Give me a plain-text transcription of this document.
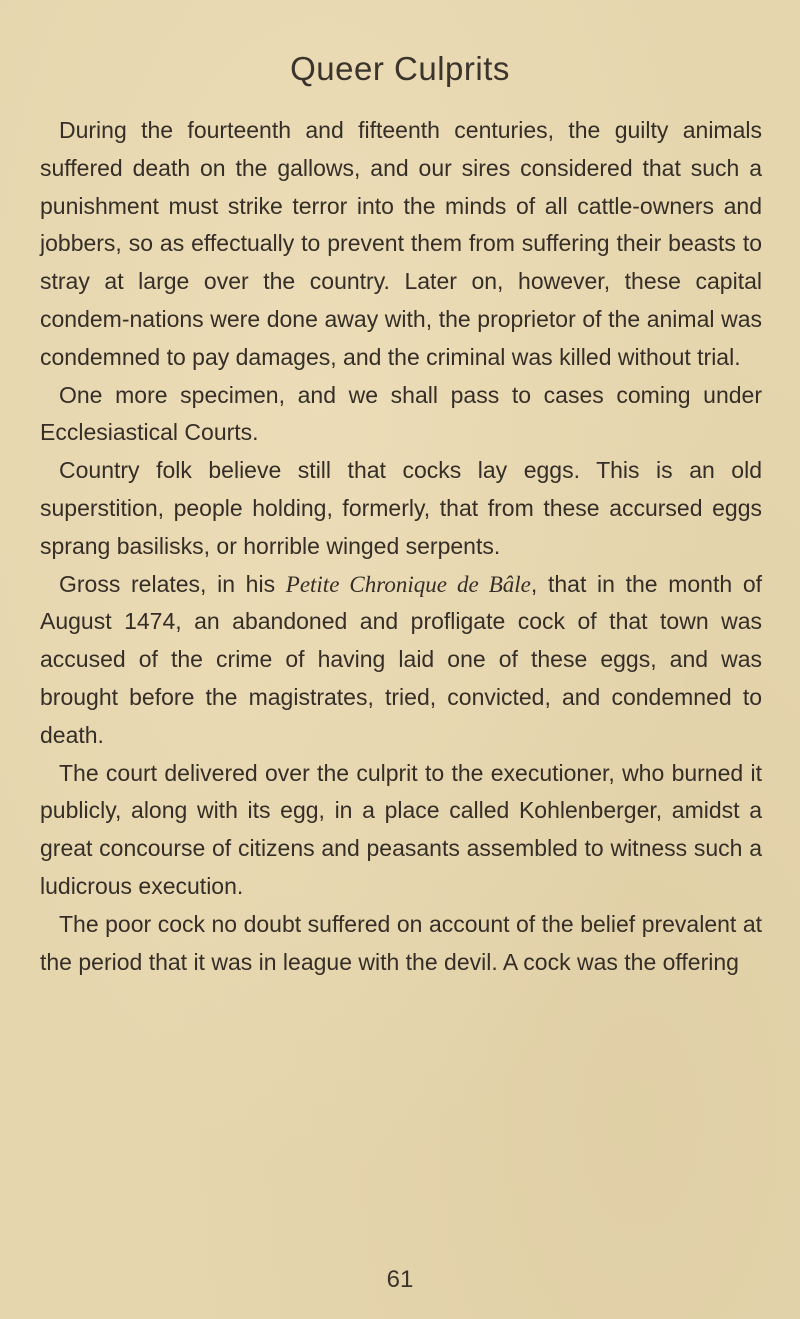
Queer Culprits

During the fourteenth and fifteenth centuries, the guilty animals suffered death on the gallows, and our sires considered that such a punishment must strike terror into the minds of all cattle-owners and jobbers, so as effectually to prevent them from suffering their beasts to stray at large over the country. Later on, however, these capital condem-nations were done away with, the proprietor of the animal was condemned to pay damages, and the criminal was killed without trial.

One more specimen, and we shall pass to cases coming under Ecclesiastical Courts.

Country folk believe still that cocks lay eggs. This is an old superstition, people holding, formerly, that from these accursed eggs sprang basilisks, or horrible winged serpents.

Gross relates, in his Petite Chronique de Bâle, that in the month of August 1474, an abandoned and profligate cock of that town was accused of the crime of having laid one of these eggs, and was brought before the magistrates, tried, convicted, and condemned to death.

The court delivered over the culprit to the executioner, who burned it publicly, along with its egg, in a place called Kohlenberger, amidst a great concourse of citizens and peasants assembled to witness such a ludicrous execution.

The poor cock no doubt suffered on account of the belief prevalent at the period that it was in league with the devil. A cock was the offering

61
